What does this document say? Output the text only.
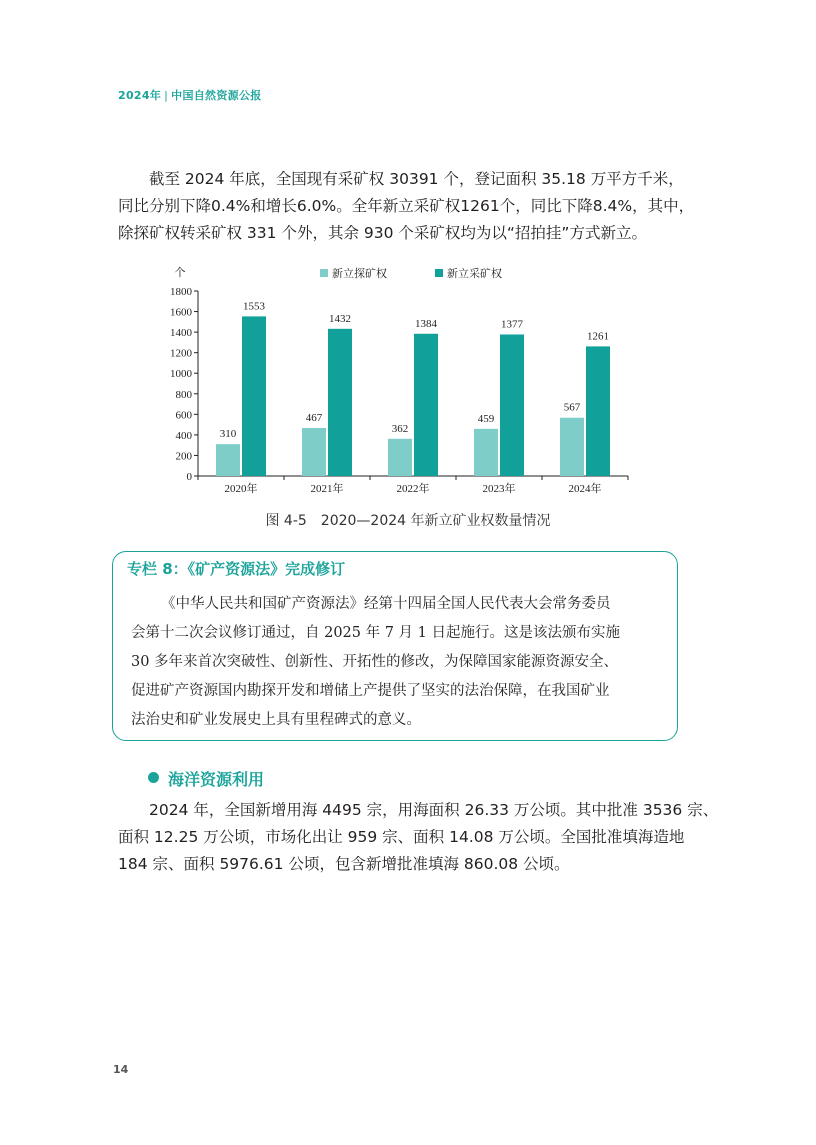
2024年 | 中国自然资源公报
截至 2024 年底，全国现有采矿权 30391 个，登记面积 35.18 万平方千米，
同比分别下降0.4%和增长6.0%。全年新立采矿权1261个，同比下降8.4%，其中，
除探矿权转采矿权 331 个外，其余 930 个采矿权均为以“招拍挂”方式新立。
个	新立探矿权	新立采矿权
0
200
400
600
800
1000
1200
1400
1600
1800
2020年
310
1553
2021年
467
1432
2022年
362
1384
2023年
459
1377
2024年
567
1261
图 4-5　2020—2024 年新立矿业权数量情况
专栏 8：《矿产资源法》完成修订
《中华人民共和国矿产资源法》经第十四届全国人民代表大会常务委员
会第十二次会议修订通过，自 2025 年 7 月 1 日起施行。这是该法颁布实施
30 多年来首次突破性、创新性、开拓性的修改，为保障国家能源资源安全、
促进矿产资源国内勘探开发和增储上产提供了坚实的法治保障，在我国矿业
法治史和矿业发展史上具有里程碑式的意义。
海洋资源利用
2024 年，全国新增用海 4495 宗，用海面积 26.33 万公顷。其中批准 3536 宗、
面积 12.25 万公顷，市场化出让 959 宗、面积 14.08 万公顷。全国批准填海造地
184 宗、面积 5976.61 公顷，包含新增批准填海 860.08 公顷。
14
